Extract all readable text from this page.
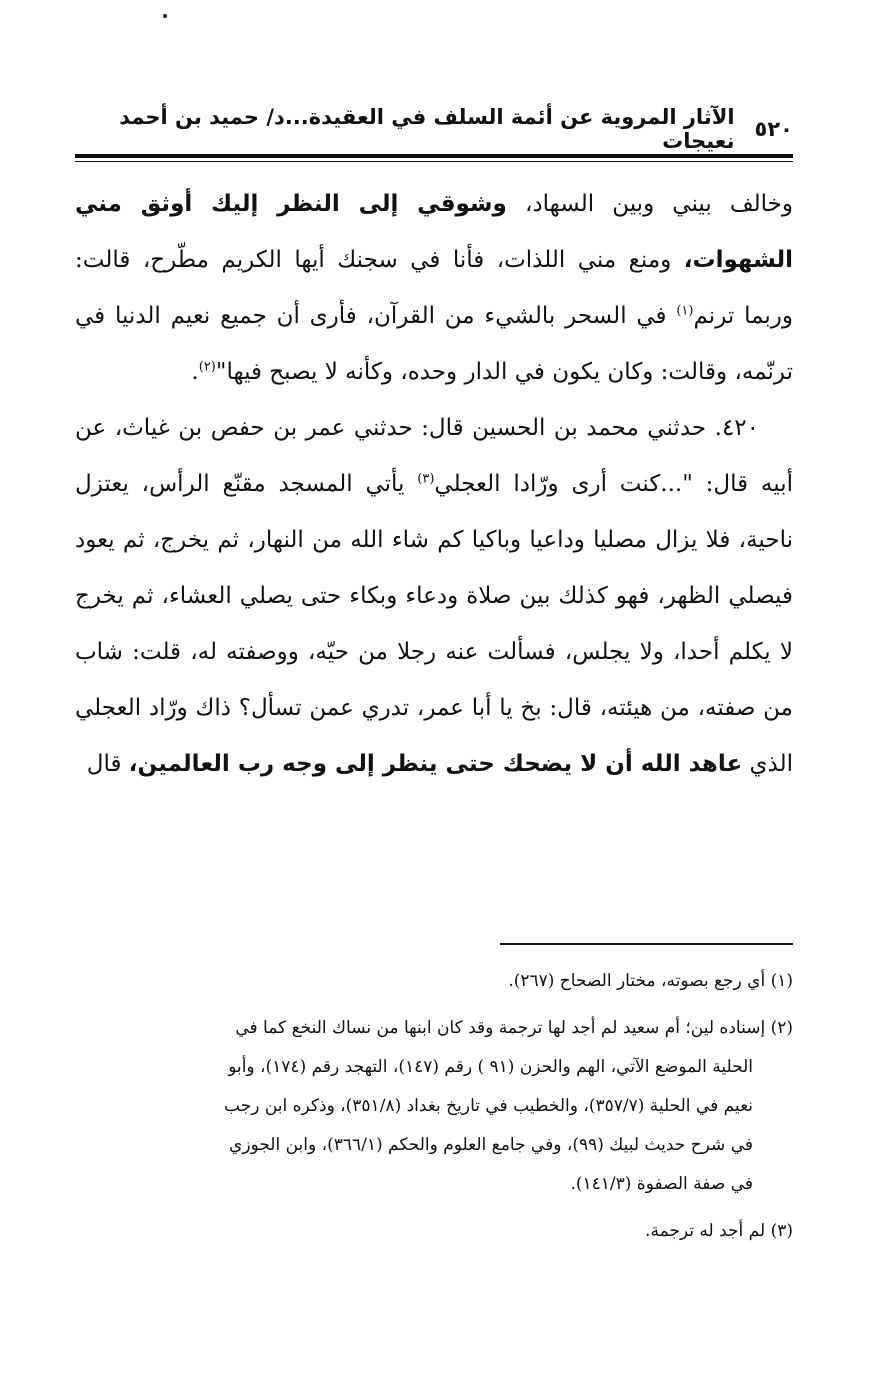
٥٢٠
الآثار المروية عن أئمة السلف في العقيدة...د/ حميد بن أحمد نعيجات

وخالف بيني وبين السهاد، وشوقي إلى النظر إليك أوثق مني الشهوات، ومنع مني اللذات، فأنا في سجنك أيها الكريم مطّرح، قالت: وربما ترنم$^{(١)}$ في السحر بالشيء من القرآن، فأرى أن جميع نعيم الدنيا في ترنّمه، وقالت: وكان يكون في الدار وحده، وكأنه لا يصبح فيها"$^{(٢)}$.

٤٢٠. حدثني محمد بن الحسين قال: حدثني عمر بن حفص بن غياث، عن أبيه قال: "...كنت أرى ورّادا العجلي$^{(٣)}$ يأتي المسجد مقنّع الرأس، يعتزل ناحية، فلا يزال مصليا وداعيا وباكيا كم شاء الله من النهار، ثم يخرج، ثم يعود فيصلي الظهر، فهو كذلك بين صلاة ودعاء وبكاء حتى يصلي العشاء، ثم يخرج لا يكلم أحدا، ولا يجلس، فسألت عنه رجلا من حيّه، ووصفته له، قلت: شاب من صفته، من هيئته، قال: بخ يا أبا عمر، تدري عمن تسأل؟ ذاك ورّاد العجلي الذي عاهد الله أن لا يضحك حتى ينظر إلى وجه رب العالمين، قال

(١) أي رجع بصوته، مختار الصحاح (٢٦٧).
(٢) إسناده لين؛ أم سعيد لم أجد لها ترجمة وقد كان ابنها من نساك النخع كما في
الحلية الموضع الآتي، الهم والحزن (٩١ ) رقم (١٤٧)، التهجد رقم (١٧٤)، وأبو
نعيم في الحلية (٣٥٧/٧)، والخطيب في تاريخ بغداد (٣٥١/٨)، وذكره ابن رجب
في شرح حديث لبيك (٩٩)، وفي جامع العلوم والحكم (٣٦٦/١)، وابن الجوزي
في صفة الصفوة (١٤١/٣).
(٣) لم أجد له ترجمة.
